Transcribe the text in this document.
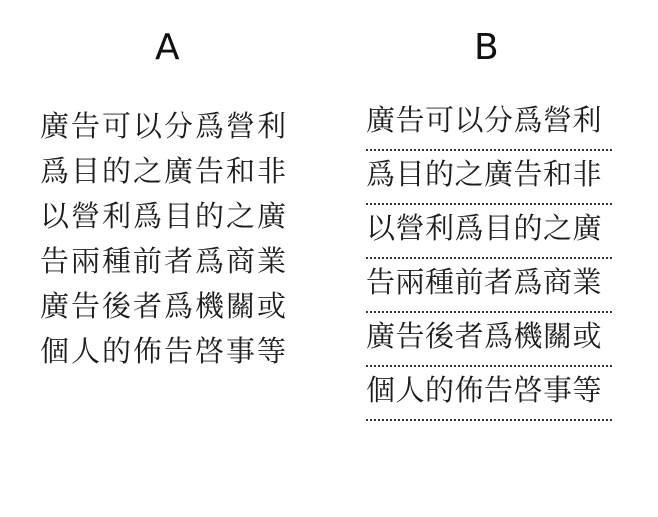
A	B
廣告可以分爲營利
爲目的之廣告和非
以營利爲目的之廣
告兩種前者爲商業
廣告後者爲機關或
個人的佈告啓事等
廣告可以分爲營利
爲目的之廣告和非
以營利爲目的之廣
告兩種前者爲商業
廣告後者爲機關或
個人的佈告啓事等
